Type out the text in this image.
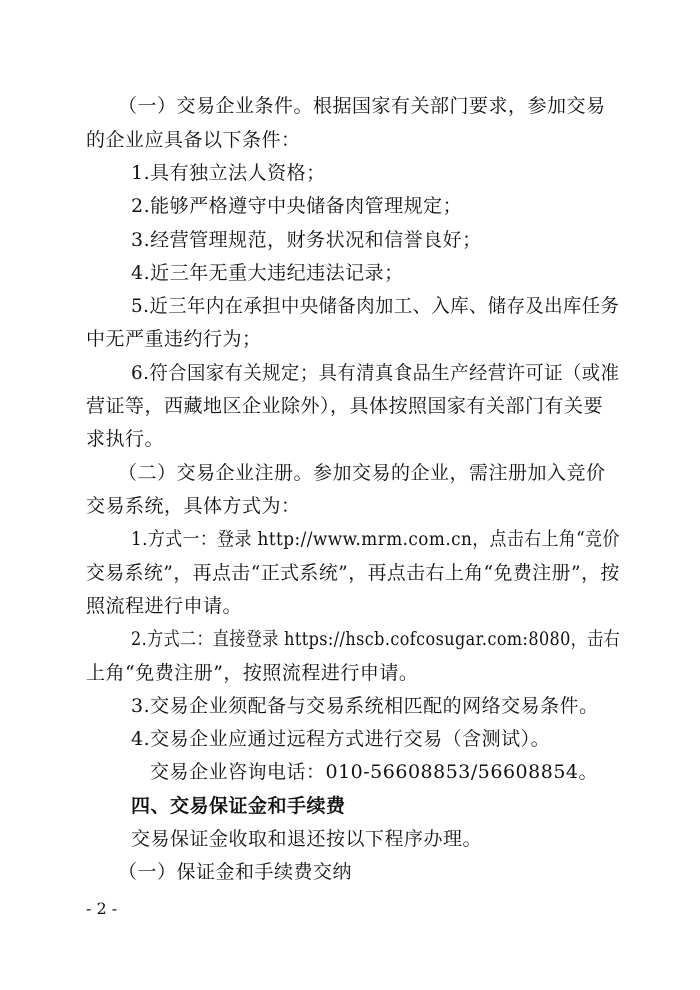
（一）交易企业条件。根据国家有关部门要求，参加交易
的企业应具备以下条件：
1.具有独立法人资格；
2.能够严格遵守中央储备肉管理规定；
3.经营管理规范，财务状况和信誉良好；
4.近三年无重大违纪违法记录；
5.近三年内在承担中央储备肉加工、入库、储存及出库任务
中无严重违约行为；
6.符合国家有关规定；具有清真食品生产经营许可证（或准
营证等，西藏地区企业除外），具体按照国家有关部门有关要
求执行。
（二）交易企业注册。参加交易的企业，需注册加入竞价
交易系统，具体方式为：
1.方式一：登录 http://www.mrm.com.cn，点击右上角“竞价
交易系统”，再点击“正式系统”，再点击右上角“免费注册”，按
照流程进行申请。
2.方式二：直接登录 https://hscb.cofcosugar.com:8080，击右
上角“免费注册”，按照流程进行申请。
3.交易企业须配备与交易系统相匹配的网络交易条件。
4.交易企业应通过远程方式进行交易（含测试）。
交易企业咨询电话：010-56608853/56608854。
四、交易保证金和手续费
交易保证金收取和退还按以下程序办理。
（一）保证金和手续费交纳
- 2 -
